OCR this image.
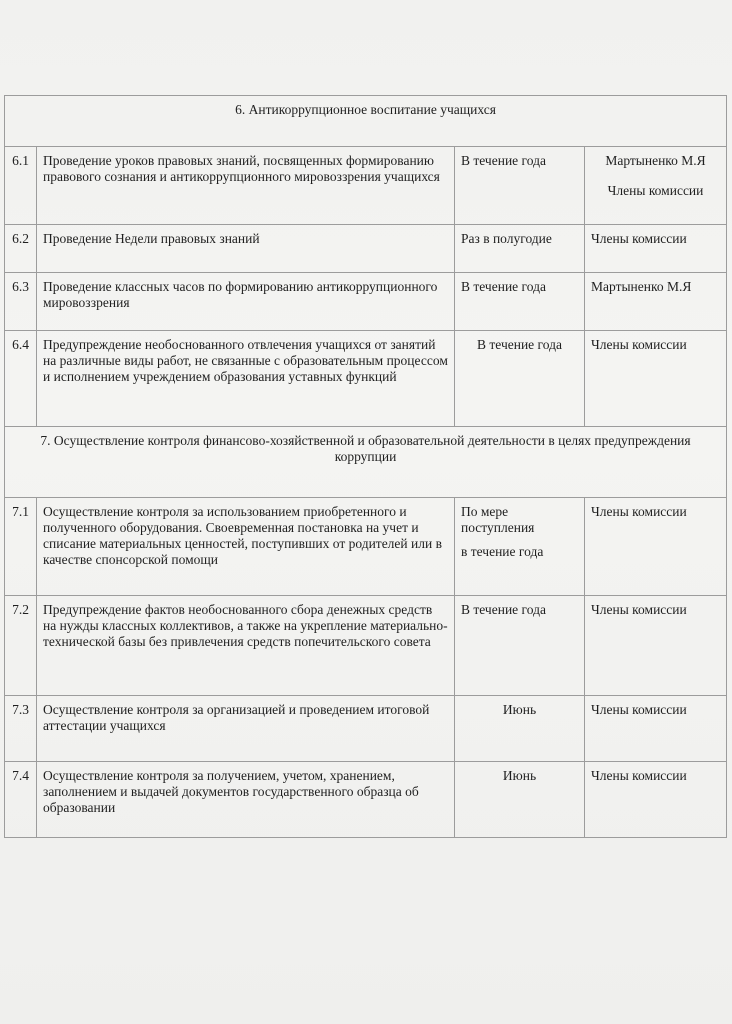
6. Антикоррупционное воспитание учащихся			
6.1	Проведение уроков правовых знаний, посвященных формированию правового сознания и антикоррупционного мировоззрения учащихся	В течение года	Мартыненко М.Я
Члены комиссии

6.2	Проведение Недели правовых знаний	Раз в полугодие	Члены комиссии

6.3	Проведение классных часов по формированию антикоррупционного мировоззрения	В течение года	Мартыненко М.Я

6.4	Предупреждение необоснованного отвлечения учащихся от занятий на различные виды работ, не связанные с образовательным процессом и исполнением учреждением образования уставных функций	В течение года	Члены комиссии

7. Осуществление контроля финансово-хозяйственной и образовательной деятельности в целях предупреждения коррупции			
7.1	Осуществление контроля за использованием приобретенного и полученного оборудования. Своевременная постановка на учет и списание материальных ценностей, поступивших от родителей или в качестве спонсорской помощи	По мере поступления
в течение года	Члены комиссии

7.2	Предупреждение фактов необоснованного сбора денежных средств на нужды классных коллективов, а также на укрепление материально-технической базы без привлечения средств попечительского совета	В течение года	Члены комиссии

7.3	Осуществление контроля за организацией и проведением итоговой аттестации учащихся	Июнь	Члены комиссии

7.4	Осуществление контроля за получением, учетом, хранением, заполнением и выдачей документов государственного образца об образовании	Июнь	Члены комиссии
